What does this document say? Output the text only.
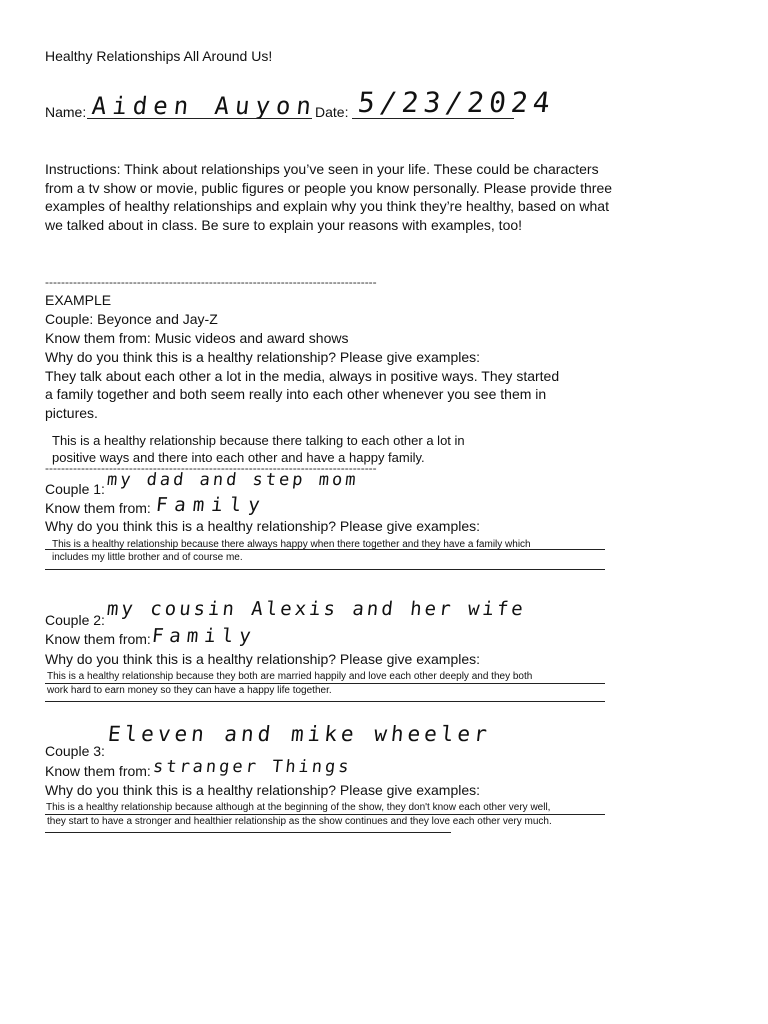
Healthy Relationships All Around Us!
Name: Aiden Auyon
Date: 5/23/2024
Instructions: Think about relationships you’ve seen in your life. These could be characters
from a tv show or movie, public figures or people you know personally. Please provide three
examples of healthy relationships and explain why you think they’re healthy, based on what
we talked about in class. Be sure to explain your reasons with examples, too!
-----------------------------------------------------------------------------------
EXAMPLE
Couple: Beyonce and Jay-Z
Know them from: Music videos and award shows
Why do you think this is a healthy relationship? Please give examples:
They talk about each other a lot in the media, always in positive ways. They started
a family together and both seem really into each other whenever you see them in
pictures.
This is a healthy relationship because there talking to each other a lot in
positive ways and there into each other and have a happy family.
-----------------------------------------------------------------------------------
Couple 1: my dad and step mom
Know them from: Family
Why do you think this is a healthy relationship? Please give examples:
This is a healthy relationship because there always happy when there together and they have a family which
includes my little brother and of course me.
Couple 2: my cousin Alexis and her wife
Know them from: Family
Why do you think this is a healthy relationship? Please give examples:
This is a healthy relationship because they both are married happily and love each other deeply and they both
work hard to earn money so they can have a happy life together.
Couple 3:
Eleven and mike wheeler
Know them from: stranger Things
Why do you think this is a healthy relationship? Please give examples:
This is a healthy relationship because although at the beginning of the show, they don't know each other very well,
they start to have a stronger and healthier relationship as the show continues and they love each other very much.
